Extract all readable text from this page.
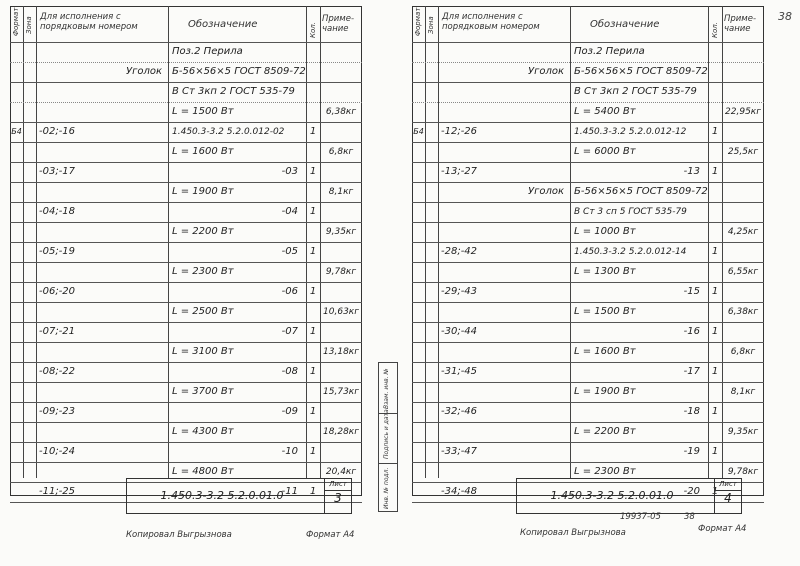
Формат Зона Для исполнения с порядковым номером	Обозначение	Кол.
Приме-чание
Поз.2 Перила
Уголок	Б-56×56×5 ГОСТ 8509-72
В Ст 3кп 2 ГОСТ 535-79
L = 1500 Вт	6,38кг
Б4	-02;-16	1.450.3-3.2 5.2.0.012-02	1
L = 1600 Вт	6,8кг
-03;-17	-03	1
L = 1900 Вт	8,1кг
-04;-18	-04	1
L = 2200 Вт	9,35кг
-05;-19	-05	1
L = 2300 Вт	9,78кг
-06;-20	-06	1
L = 2500 Вт	10,63кг
-07;-21	-07	1
L = 3100 Вт	13,18кг
-08;-22	-08	1
L = 3700 Вт	15,73кг
-09;-23	-09	1
L = 4300 Вт	18,28кг
-10;-24	-10	1
L = 4800 Вт	20,4кг
-11;-25	-11	1
1.450.3-3.2 5.2.0.01.0
Лист
3
Копировал Выгрызнова	Формат А4
Инв. № подл.
Подпись и дата
Взам. инв. №
Формат Зона Для исполнения с порядковым номером	Обозначение	Кол.
Приме-чание
Поз.2 Перила
Уголок	Б-56×56×5 ГОСТ 8509-72
В Ст 3кп 2 ГОСТ 535-79
L = 5400 Вт	22,95кг
Б4	-12;-26	1.450.3-3.2 5.2.0.012-12	1
L = 6000 Вт	25,5кг
-13;-27	-13	1
Уголок	Б-56×56×5 ГОСТ 8509-72
В Ст 3 сп 5 ГОСТ 535-79
L = 1000 Вт	4,25кг
-28;-42	1.450.3-3.2 5.2.0.012-14	1
L = 1300 Вт	6,55кг
-29;-43	-15	1
L = 1500 Вт	6,38кг
-30;-44	-16	1
L = 1600 Вт	6,8кг
-31;-45	-17	1
L = 1900 Вт	8,1кг
-32;-46	-18	1
L = 2200 Вт	9,35кг
-33;-47	-19	1
L = 2300 Вт	9,78кг
-34;-48	-20	1
1.450.3-3.2 5.2.0.01.0
Лист
4
19937-05	38
Копировал Выгрызнова	Формат А4
38
